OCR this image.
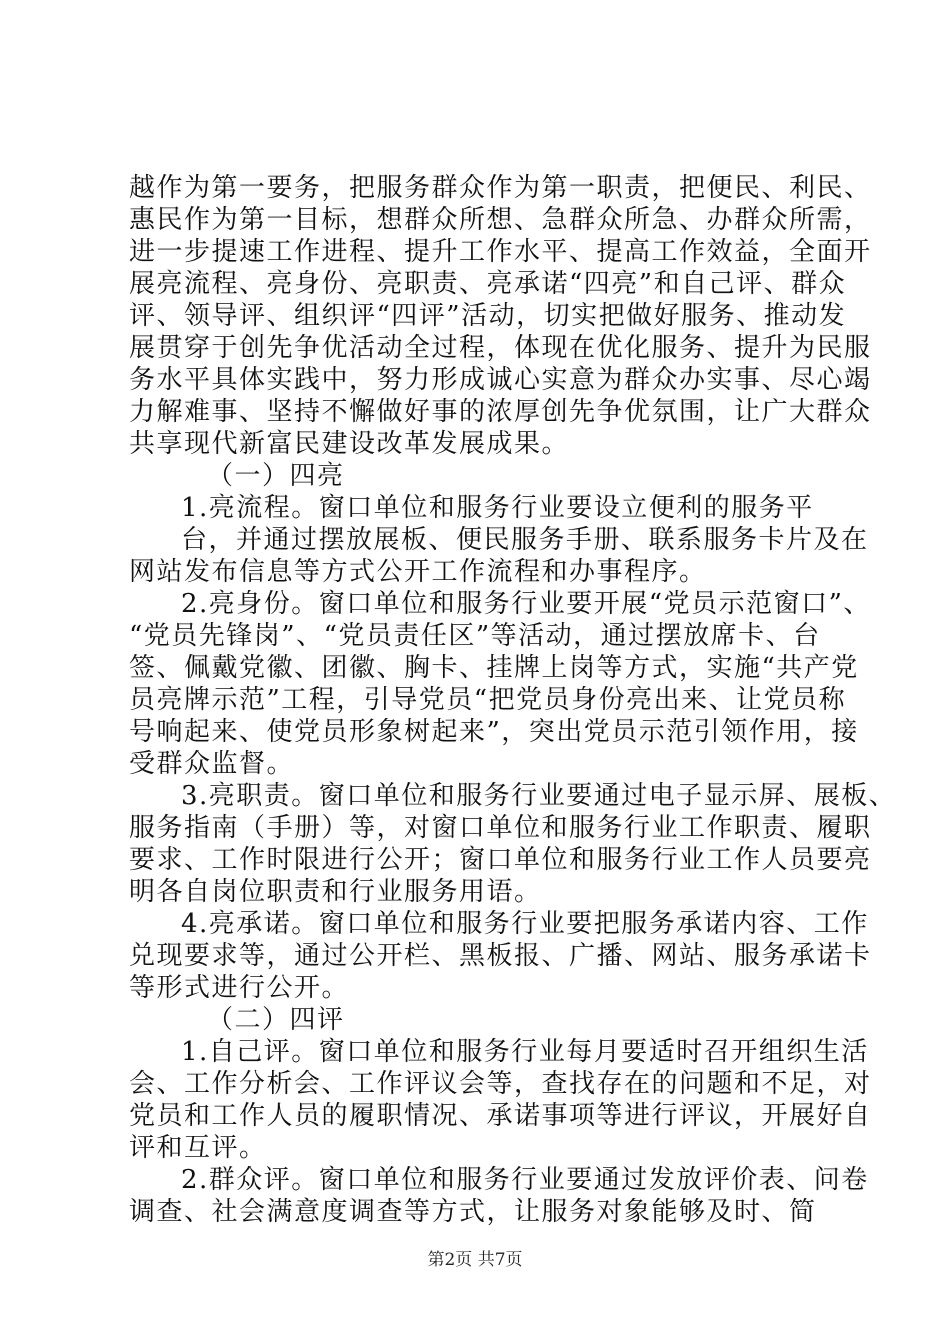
越作为第一要务，把服务群众作为第一职责，把便民、利民、
惠民作为第一目标，想群众所想、急群众所急、办群众所需，
进一步提速工作进程、提升工作水平、提高工作效益，全面开
展亮流程、亮身份、亮职责、亮承诺“四亮”和自己评、群众
评、领导评、组织评“四评”活动，切实把做好服务、推动发
展贯穿于创先争优活动全过程，体现在优化服务、提升为民服
务水平具体实践中，努力形成诚心实意为群众办实事、尽心竭
力解难事、坚持不懈做好事的浓厚创先争优氛围，让广大群众
共享现代新富民建设改革发展成果。
（一）四亮
1.亮流程。窗口单位和服务行业要设立便利的服务平
台，并通过摆放展板、便民服务手册、联系服务卡片及在
网站发布信息等方式公开工作流程和办事程序。
2.亮身份。窗口单位和服务行业要开展“党员示范窗口”、
“党员先锋岗”、“党员责任区”等活动，通过摆放席卡、台
签、佩戴党徽、团徽、胸卡、挂牌上岗等方式，实施“共产党
员亮牌示范”工程，引导党员“把党员身份亮出来、让党员称
号响起来、使党员形象树起来”，突出党员示范引领作用，接
受群众监督。
3.亮职责。窗口单位和服务行业要通过电子显示屏、展板、
服务指南（手册）等，对窗口单位和服务行业工作职责、履职
要求、工作时限进行公开；窗口单位和服务行业工作人员要亮
明各自岗位职责和行业服务用语。
4.亮承诺。窗口单位和服务行业要把服务承诺内容、工作
兑现要求等，通过公开栏、黑板报、广播、网站、服务承诺卡
等形式进行公开。
（二）四评
1.自己评。窗口单位和服务行业每月要适时召开组织生活
会、工作分析会、工作评议会等，查找存在的问题和不足，对
党员和工作人员的履职情况、承诺事项等进行评议，开展好自
评和互评。
2.群众评。窗口单位和服务行业要通过发放评价表、问卷
调查、社会满意度调查等方式，让服务对象能够及时、简
第2页 共7页
